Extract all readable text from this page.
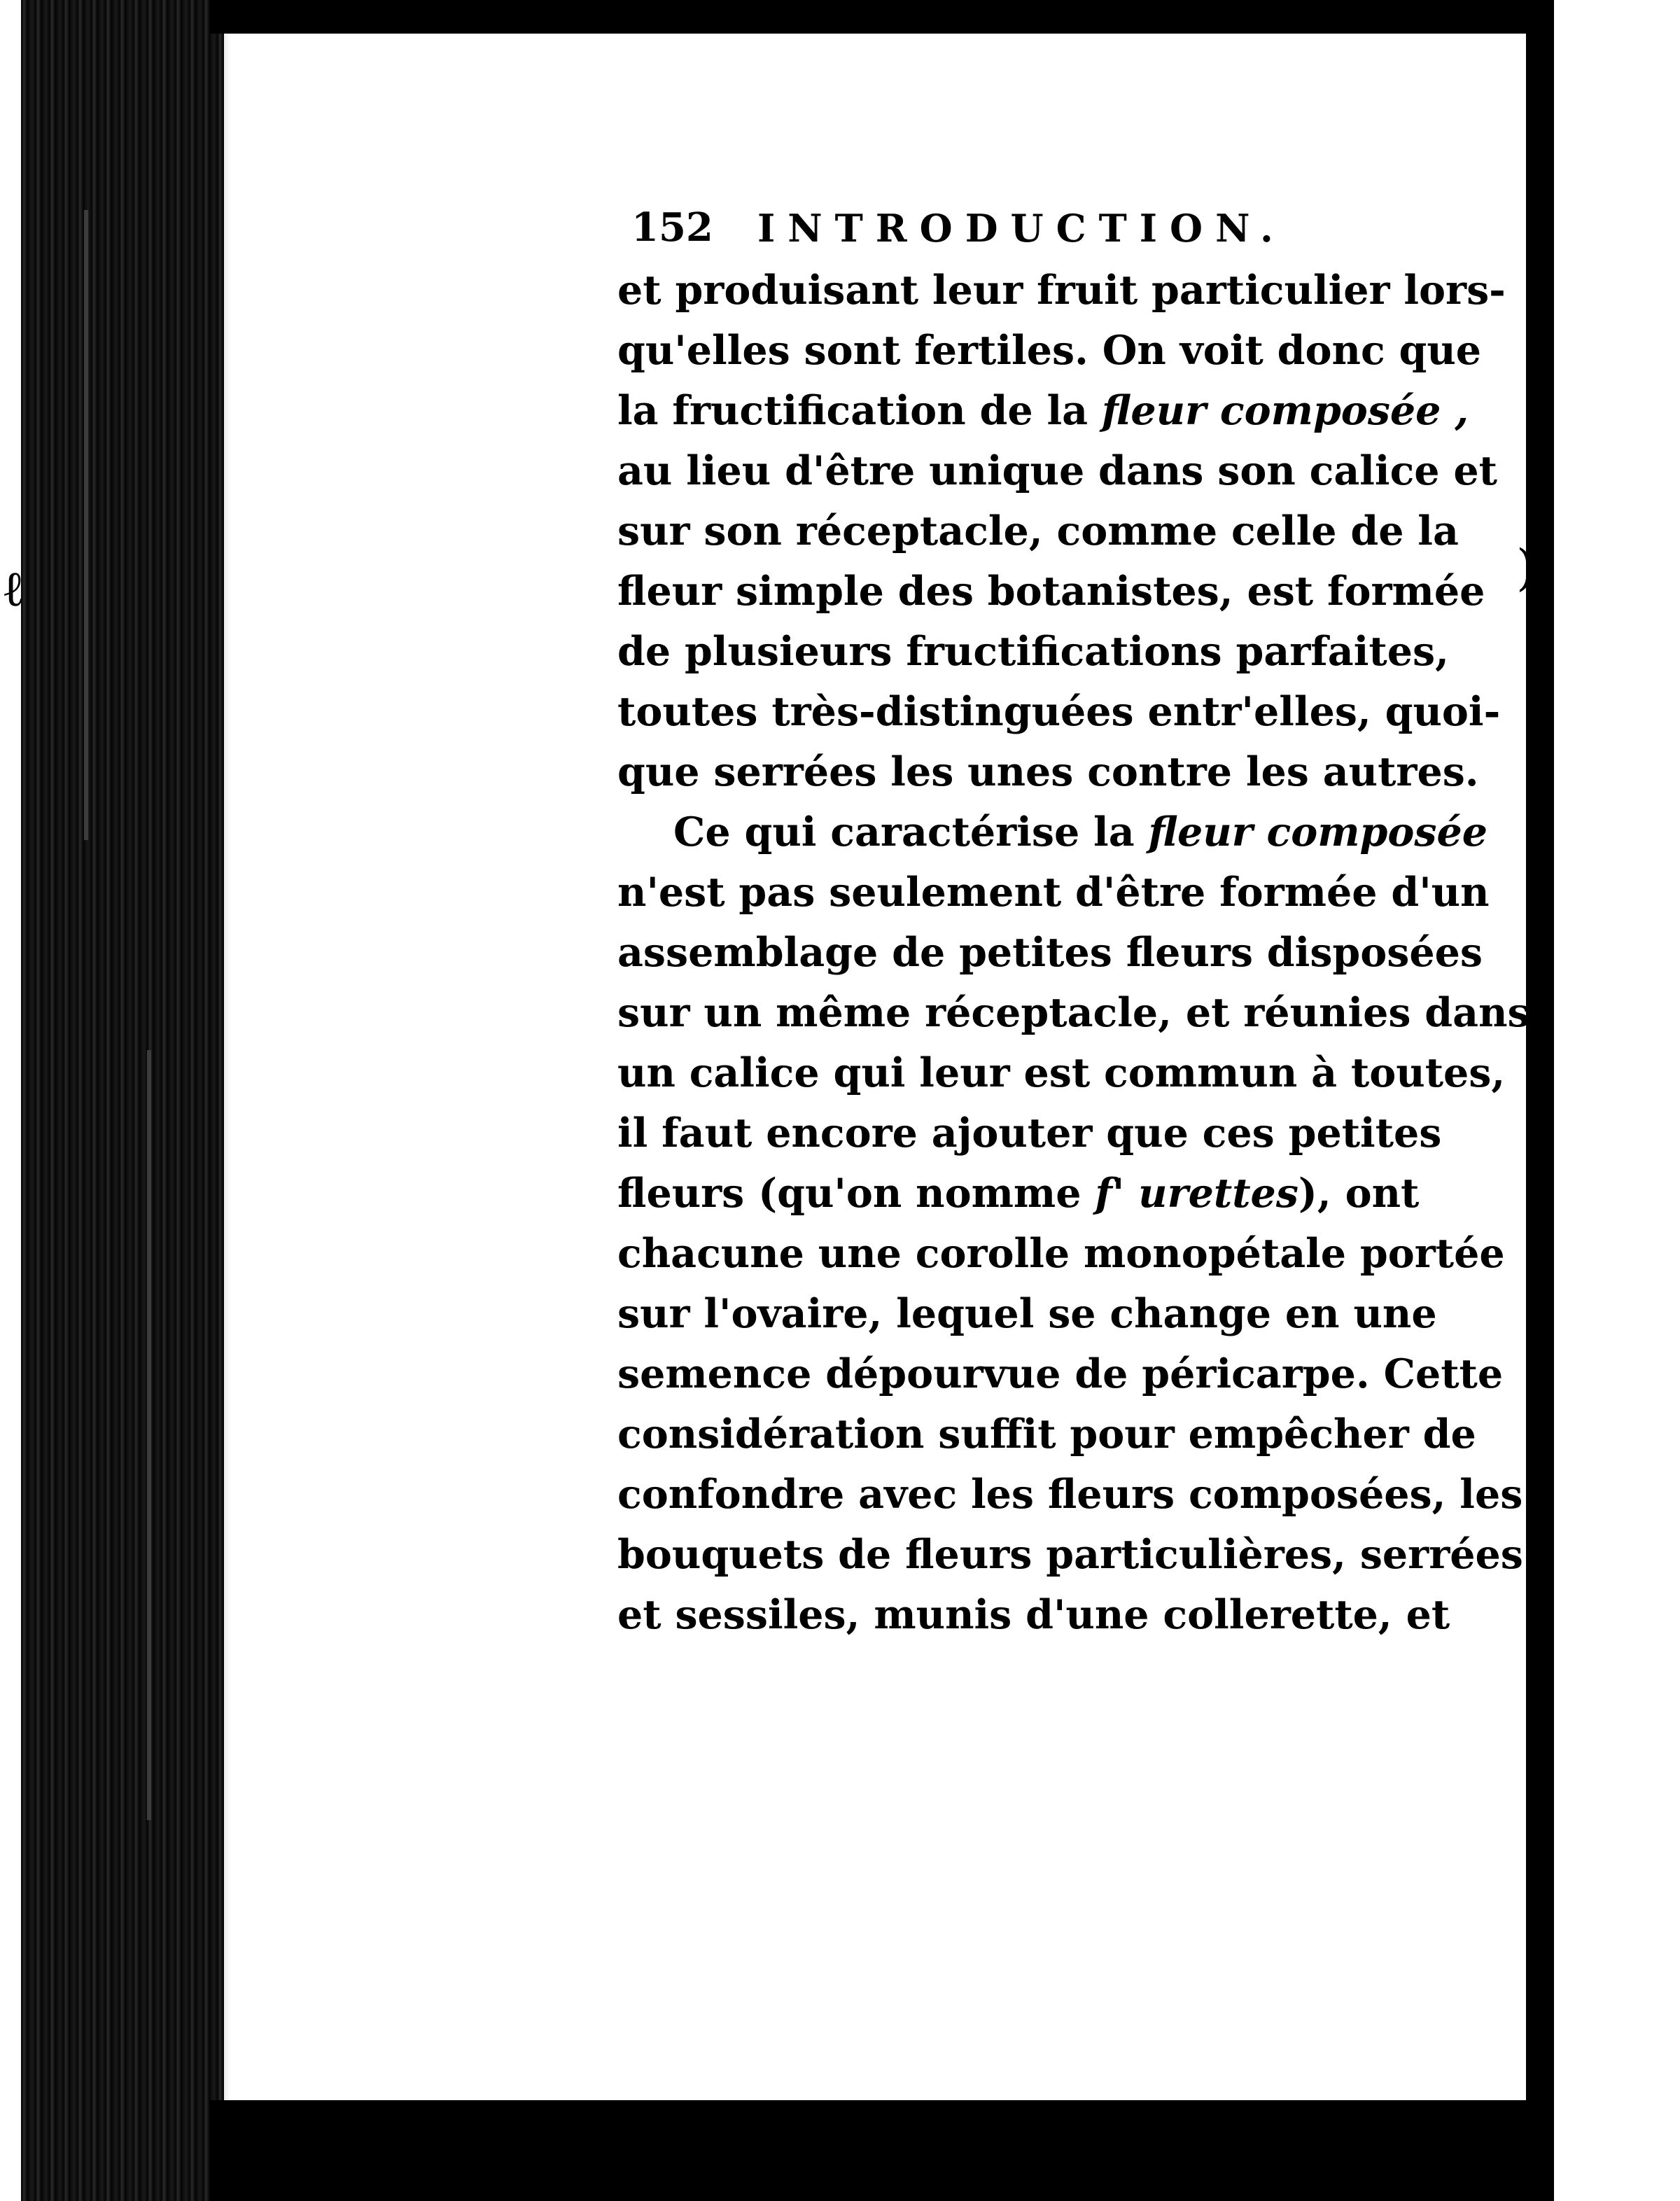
)
ℓ
152 INTRODUCTION.
et produisant leur fruit particulier lors-
qu'elles sont fertiles. On voit donc que
la fructification de la fleur composée ,
au lieu d'être unique dans son calice et
sur son réceptacle, comme celle de la
fleur simple des botanistes, est formée
de plusieurs fructifications parfaites,
toutes très-distinguées entr'elles, quoi-
que serrées les unes contre les autres.
Ce qui caractérise la fleur composée
n'est pas seulement d'être formée d'un
assemblage de petites fleurs disposées
sur un même réceptacle, et réunies dans
un calice qui leur est commun à toutes,
il faut encore ajouter que ces petites
fleurs (qu'on nomme f' urettes), ont
chacune une corolle monopétale portée
sur l'ovaire, lequel se change en une
semence dépourvue de péricarpe. Cette
considération suffit pour empêcher de
confondre avec les fleurs composées, les
bouquets de fleurs particulières, serrées
et sessiles, munis d'une collerette, et
